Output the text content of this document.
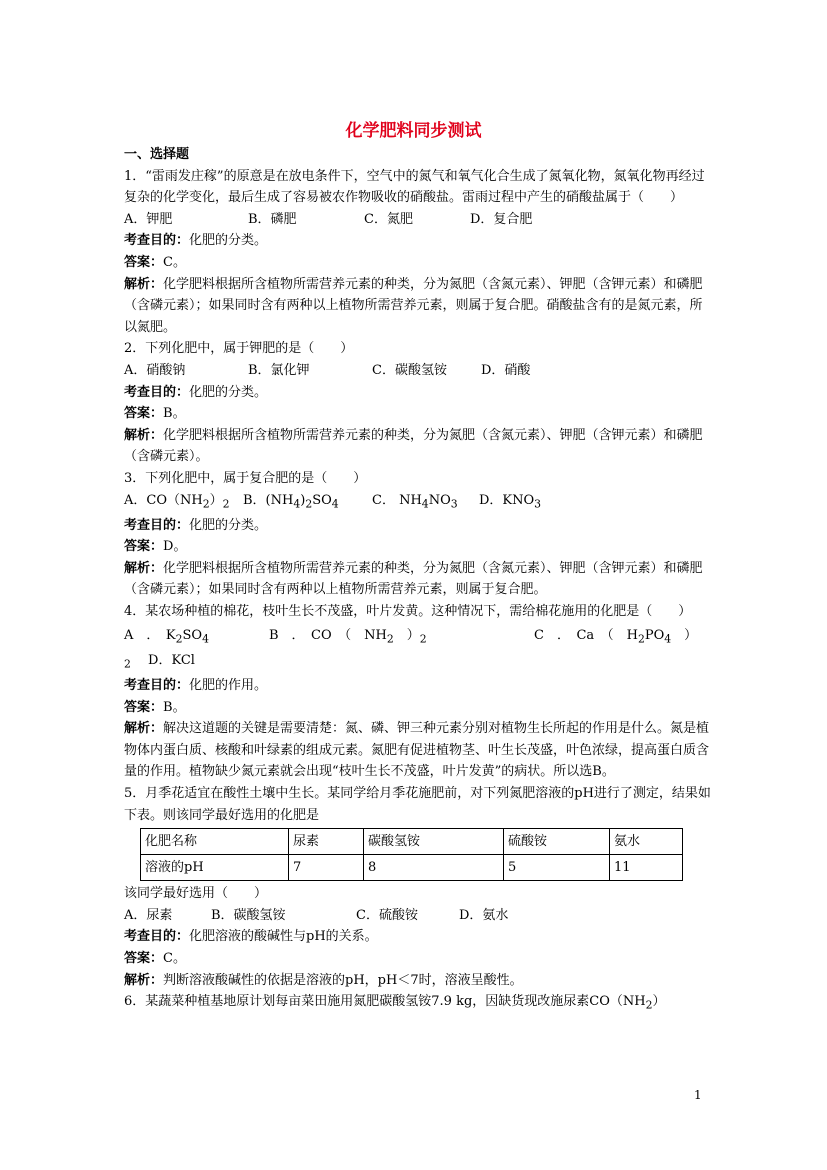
化学肥料同步测试

一、选择题

1．“雷雨发庄稼”的原意是在放电条件下，空气中的氮气和氧气化合生成了氮氧化物，氮氧化物再经过复杂的化学变化，最后生成了容易被农作物吸收的硝酸盐。雷雨过程中产生的硝酸盐属于（　　）

A．钾肥	B．磷肥	C．氮肥	D．复合肥

考查目的：化肥的分类。

答案：C。

解析：化学肥料根据所含植物所需营养元素的种类，分为氮肥（含氮元素）、钾肥（含钾元素）和磷肥（含磷元素）；如果同时含有两种以上植物所需营养元素，则属于复合肥。硝酸盐含有的是氮元素，所以氮肥。

2．下列化肥中，属于钾肥的是（　　）

A．硝酸钠	B．氯化钾	C．碳酸氢铵	D．硝酸

考查目的：化肥的分类。

答案：B。

解析：化学肥料根据所含植物所需营养元素的种类，分为氮肥（含氮元素）、钾肥（含钾元素）和磷肥（含磷元素）。

3．下列化肥中，属于复合肥的是（　　）

A．$CO(NH_2)_2$	B．$(NH_4)_2SO_4$	C． $NH_4NO_3$	D．$KNO_3$

考查目的：化肥的分类。

答案：D。

解析：化学肥料根据所含植物所需营养元素的种类，分为氮肥（含氮元素）、钾肥（含钾元素）和磷肥（含磷元素）；如果同时含有两种以上植物所需营养元素，则属于复合肥。

4．某农场种植的棉花，枝叶生长不茂盛，叶片发黄。这种情况下，需给棉花施用的化肥是（　　）

A　．　$K_2SO_4$	B　．　CO　（　$NH_2$　）$_2$	C　．　Ca　（　$H_2PO_4$　）

$_2$　 D．KCl

考查目的：化肥的作用。

答案：B。

解析：解决这道题的关键是需要清楚：氮、磷、钾三种元素分别对植物生长所起的作用是什么。氮是植物体内蛋白质、核酸和叶绿素的组成元素。氮肥有促进植物茎、叶生长茂盛，叶色浓绿，提高蛋白质含量的作用。植物缺少氮元素就会出现“枝叶生长不茂盛，叶片发黄”的病状。所以选B。

5．月季花适宜在酸性土壤中生长。某同学给月季花施肥前，对下列氮肥溶液的pH进行了测定，结果如下表。则该同学最好选用的化肥是

化肥名称	尿素	碳酸氢铵	硫酸铵	氨水
溶液的pH	7	8	5	11

该同学最好选用（　　）

A．尿素	B．碳酸氢铵	C．硫酸铵	D．氨水

考查目的：化肥溶液的酸碱性与pH的关系。

答案：C。

解析：判断溶液酸碱性的依据是溶液的pH，pH＜7时，溶液呈酸性。

6．某蔬菜种植基地原计划每亩菜田施用氮肥碳酸氢铵7.9 kg，因缺货现改施尿素$CO(NH_2)$

1
